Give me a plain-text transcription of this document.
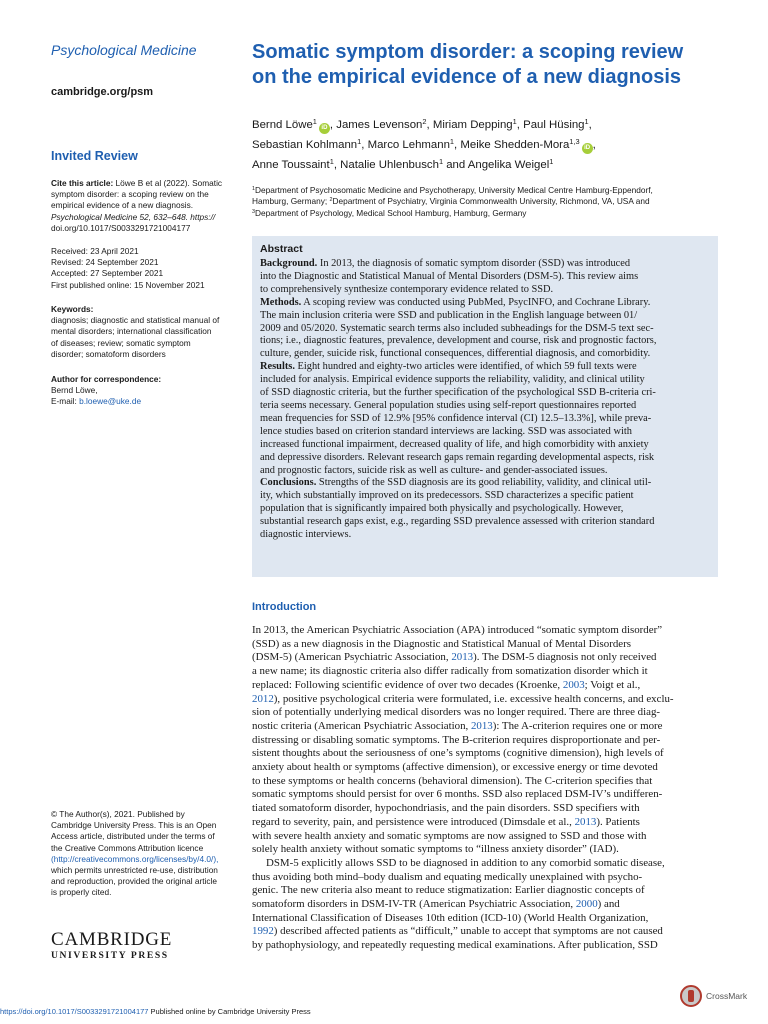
Psychological Medicine
cambridge.org/psm
Invited Review
Cite this article: Löwe B et al (2022). Somatic
symptom disorder: a scoping review on the
empirical evidence of a new diagnosis.
Psychological Medicine 52, 632–648. https://
doi.org/10.1017/S0033291721004177
Received: 23 April 2021
Revised: 24 September 2021
Accepted: 27 September 2021
First published online: 15 November 2021
Keywords:
diagnosis; diagnostic and statistical manual of
mental disorders; international classification
of diseases; review; somatic symptom
disorder; somatoform disorders
Author for correspondence:
Bernd Löwe,
E-mail: b.loewe@uke.de
© The Author(s), 2021. Published by
Cambridge University Press. This is an Open
Access article, distributed under the terms of
the Creative Commons Attribution licence
(http://creativecommons.org/licenses/by/4.0/),
which permits unrestricted re-use, distribution
and reproduction, provided the original article
is properly cited.
CAMBRIDGE
UNIVERSITY PRESS
Somatic symptom disorder: a scoping review
on the empirical evidence of a new diagnosis
Bernd Löwe$^1$iD , James Levenson$^2$, Miriam Depping$^1$, Paul Hüsing$^1$,
Sebastian Kohlmann$^1$, Marco Lehmann$^1$, Meike Shedden-Mora$^{1,3}$iD ,
Anne Toussaint$^1$, Natalie Uhlenbusch$^1$ and Angelika Weigel$^1$
$^1$Department of Psychosomatic Medicine and Psychotherapy, University Medical Centre Hamburg-Eppendorf,
Hamburg, Germany; $^2$Department of Psychiatry, Virginia Commonwealth University, Richmond, VA, USA and
$^3$Department of Psychology, Medical School Hamburg, Hamburg, Germany
Abstract
Background. In 2013, the diagnosis of somatic symptom disorder (SSD) was introduced
into the Diagnostic and Statistical Manual of Mental Disorders (DSM-5). This review aims
to comprehensively synthesize contemporary evidence related to SSD.
Methods. A scoping review was conducted using PubMed, PsycINFO, and Cochrane Library.
The main inclusion criteria were SSD and publication in the English language between 01/
2009 and 05/2020. Systematic search terms also included subheadings for the DSM-5 text sec-
tions; i.e., diagnostic features, prevalence, development and course, risk and prognostic factors,
culture, gender, suicide risk, functional consequences, differential diagnosis, and comorbidity.
Results. Eight hundred and eighty-two articles were identified, of which 59 full texts were
included for analysis. Empirical evidence supports the reliability, validity, and clinical utility
of SSD diagnostic criteria, but the further specification of the psychological SSD B-criteria cri-
teria seems necessary. General population studies using self-report questionnaires reported
mean frequencies for SSD of 12.9% [95% confidence interval (CI) 12.5–13.3%], while preva-
lence studies based on criterion standard interviews are lacking. SSD was associated with
increased functional impairment, decreased quality of life, and high comorbidity with anxiety
and depressive disorders. Relevant research gaps remain regarding developmental aspects, risk
and prognostic factors, suicide risk as well as culture- and gender-associated issues.
Conclusions. Strengths of the SSD diagnosis are its good reliability, validity, and clinical util-
ity, which substantially improved on its predecessors. SSD characterizes a specific patient
population that is significantly impaired both physically and psychologically. However,
substantial research gaps exist, e.g., regarding SSD prevalence assessed with criterion standard
diagnostic interviews.
Introduction
In 2013, the American Psychiatric Association (APA) introduced “somatic symptom disorder”
(SSD) as a new diagnosis in the Diagnostic and Statistical Manual of Mental Disorders
(DSM-5) (American Psychiatric Association, 2013). The DSM-5 diagnosis not only received
a new name; its diagnostic criteria also differ radically from somatization disorder which it
replaced: Following scientific evidence of over two decades (Kroenke, 2003; Voigt et al.,
2012), positive psychological criteria were formulated, i.e. excessive health concerns, and exclu-
sion of potentially underlying medical disorders was no longer required. There are three diag-
nostic criteria (American Psychiatric Association, 2013): The A-criterion requires one or more
distressing or disabling somatic symptoms. The B-criterion requires disproportionate and per-
sistent thoughts about the seriousness of one’s symptoms (cognitive dimension), high levels of
anxiety about health or symptoms (affective dimension), or excessive energy or time devoted
to these symptoms or health concerns (behavioral dimension). The C-criterion specifies that
somatic symptoms should persist for over 6 months. SSD also replaced DSM-IV’s undifferen-
tiated somatoform disorder, hypochondriasis, and the pain disorders. SSD specifiers with
regard to severity, pain, and persistence were introduced (Dimsdale et al., 2013). Patients
with severe health anxiety and somatic symptoms are now assigned to SSD and those with
solely health anxiety without somatic symptoms to “illness anxiety disorder” (IAD).
DSM-5 explicitly allows SSD to be diagnosed in addition to any comorbid somatic disease,
thus avoiding both mind–body dualism and equating medically unexplained with psycho-
genic. The new criteria also meant to reduce stigmatization: Earlier diagnostic concepts of
somatoform disorders in DSM-IV-TR (American Psychiatric Association, 2000) and
International Classification of Diseases 10th edition (ICD-10) (World Health Organization,
1992) described affected patients as “difficult,” unable to accept that symptoms are not caused
by pathophysiology, and repeatedly requesting medical examinations. After publication, SSD
https://doi.org/10.1017/S0033291721004177 Published online by Cambridge University Press
CrossMark
